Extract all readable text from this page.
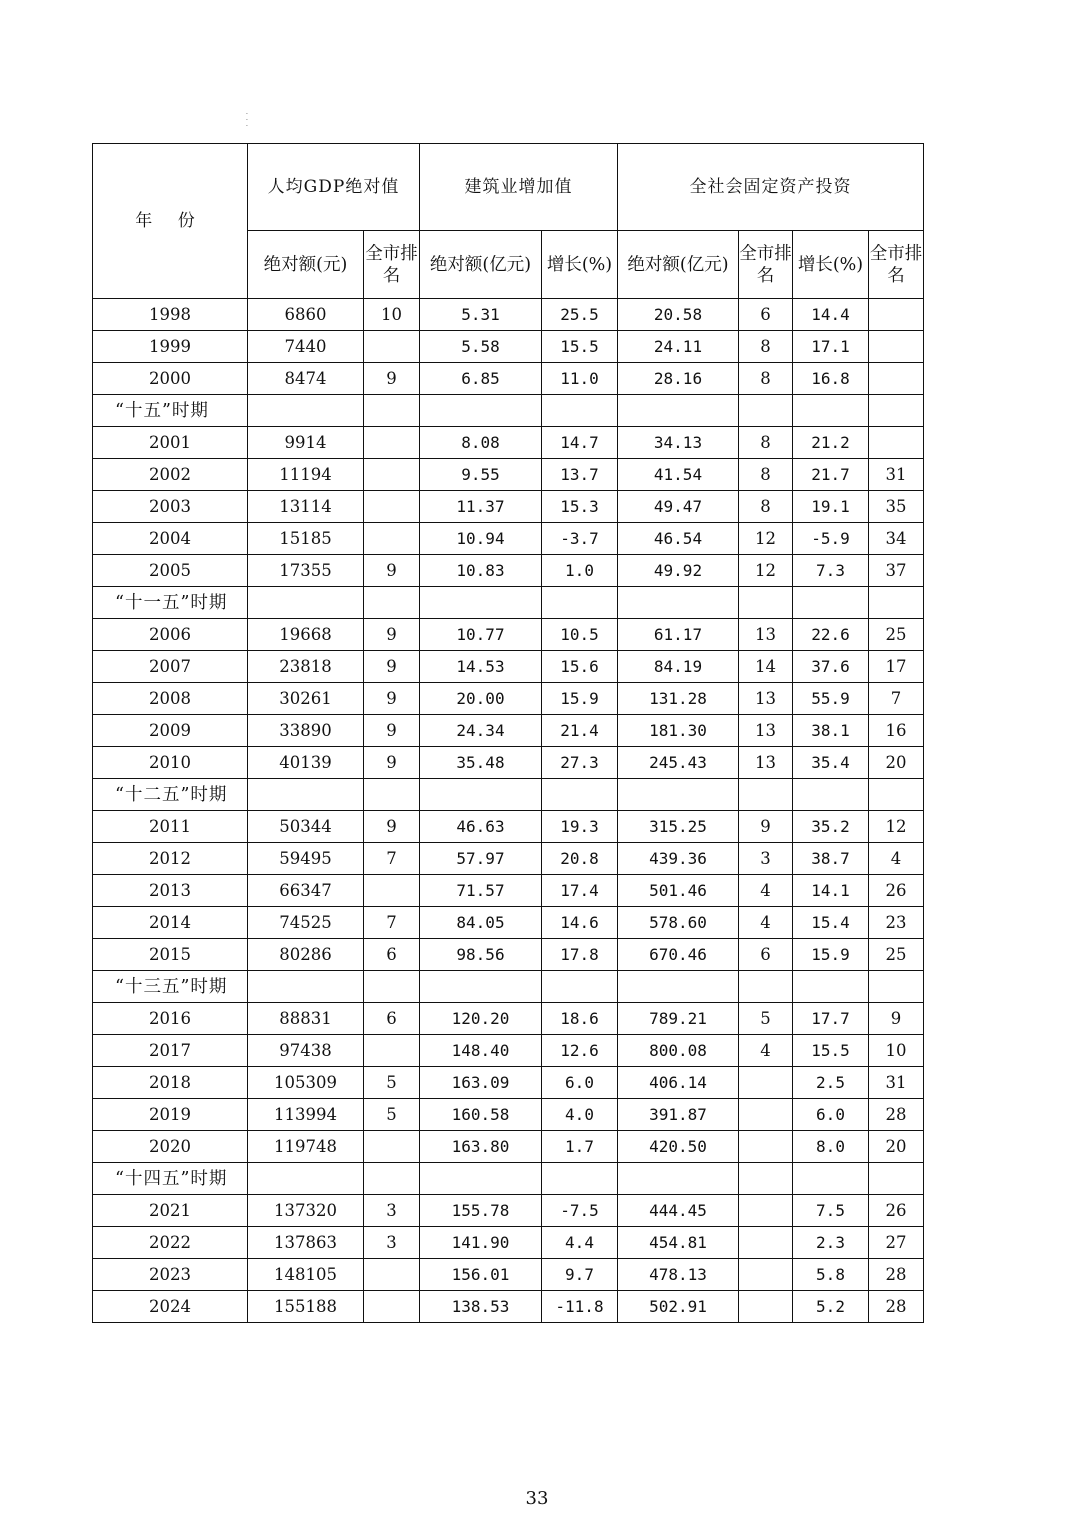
·
·
·
年 份	人均GDP绝对值		建筑业增加值		全社会固定资产投资			
	绝对额(元)	全市排名	绝对额(亿元)	增长(%)	绝对额(亿元)	全市排名	增长(%)	全市排名
1998	6860	10	5.31	25.5	20.58	6	14.4	
1999	7440		5.58	15.5	24.11	8	17.1	
2000	8474	9	6.85	11.0	28.16	8	16.8	
“十五”时期								
2001	9914		8.08	14.7	34.13	8	21.2	
2002	11194		9.55	13.7	41.54	8	21.7	31
2003	13114		11.37	15.3	49.47	8	19.1	35
2004	15185		10.94	-3.7	46.54	12	-5.9	34
2005	17355	9	10.83	1.0	49.92	12	7.3	37
“十一五”时期								
2006	19668	9	10.77	10.5	61.17	13	22.6	25
2007	23818	9	14.53	15.6	84.19	14	37.6	17
2008	30261	9	20.00	15.9	131.28	13	55.9	7
2009	33890	9	24.34	21.4	181.30	13	38.1	16
2010	40139	9	35.48	27.3	245.43	13	35.4	20
“十二五”时期								
2011	50344	9	46.63	19.3	315.25	9	35.2	12
2012	59495	7	57.97	20.8	439.36	3	38.7	4
2013	66347		71.57	17.4	501.46	4	14.1	26
2014	74525	7	84.05	14.6	578.60	4	15.4	23
2015	80286	6	98.56	17.8	670.46	6	15.9	25
“十三五”时期								
2016	88831	6	120.20	18.6	789.21	5	17.7	9
2017	97438		148.40	12.6	800.08	4	15.5	10
2018	105309	5	163.09	6.0	406.14		2.5	31
2019	113994	5	160.58	4.0	391.87		6.0	28
2020	119748		163.80	1.7	420.50		8.0	20
“十四五”时期								
2021	137320	3	155.78	-7.5	444.45		7.5	26
2022	137863	3	141.90	4.4	454.81		2.3	27
2023	148105		156.01	9.7	478.13		5.8	28
2024	155188		138.53	-11.8	502.91		5.2	28
33
